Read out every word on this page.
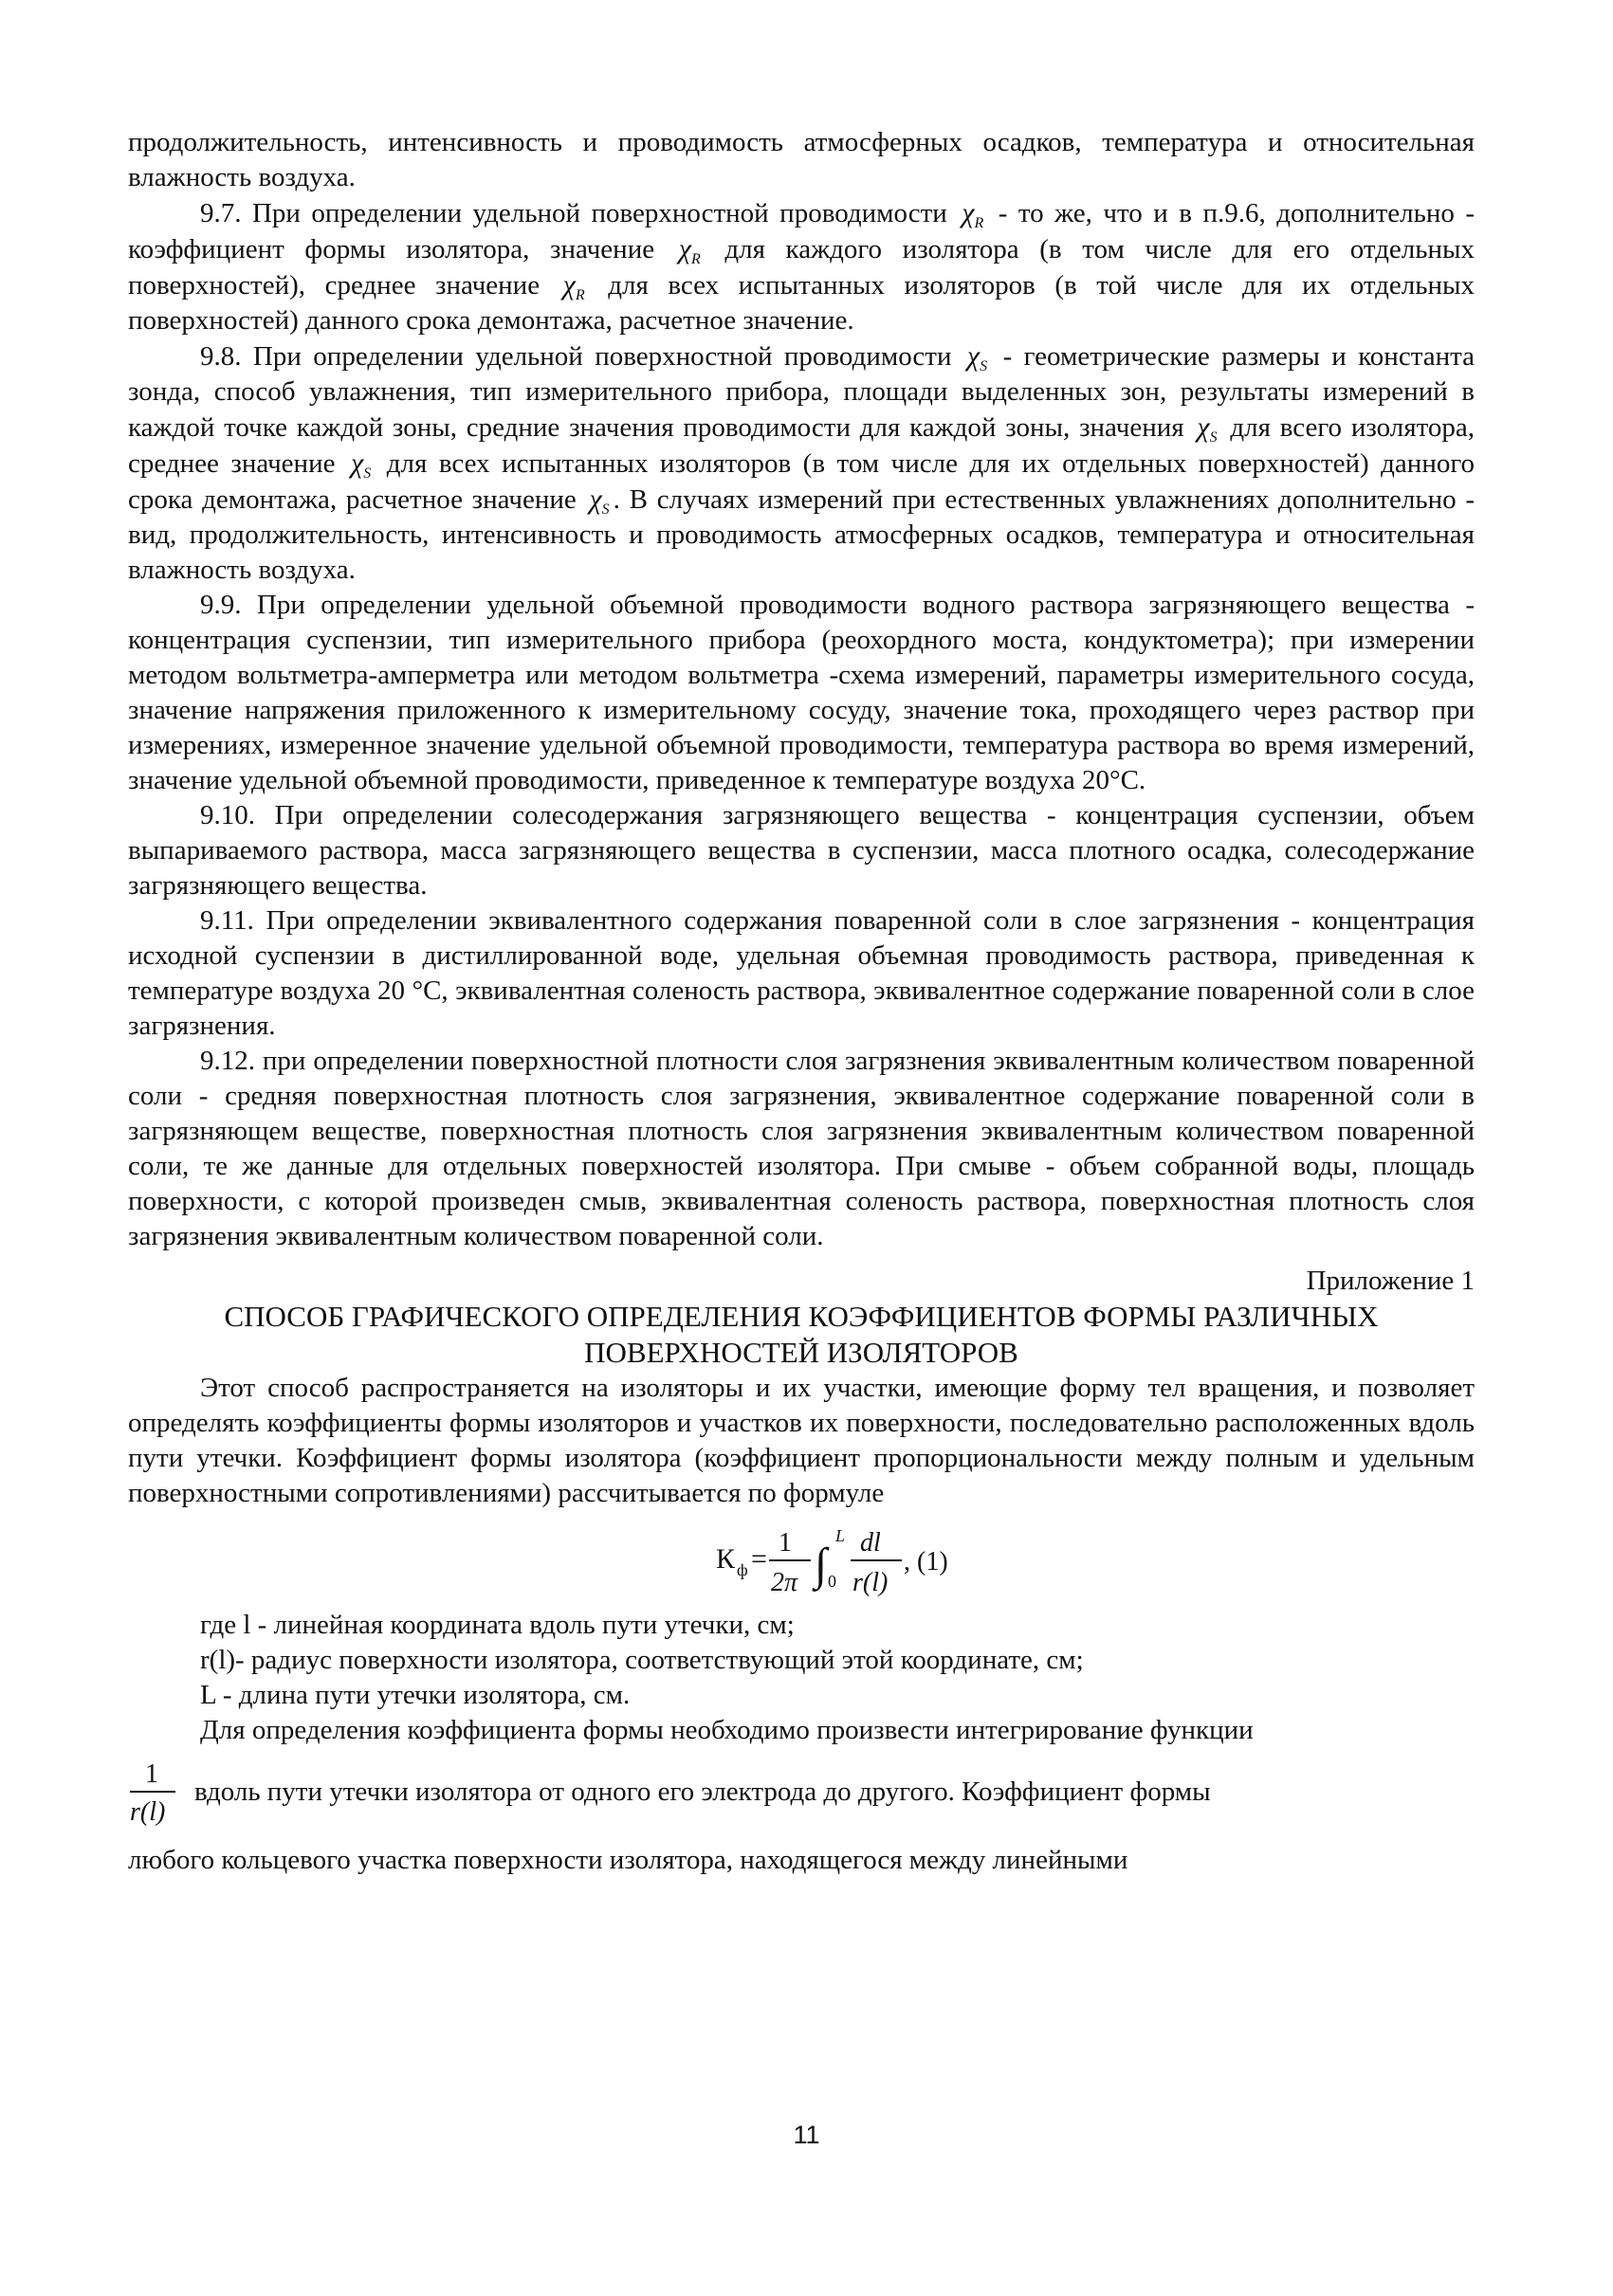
продолжительность, интенсивность и проводимость атмосферных осадков, температура и относительная влажность воздуха.

9.7. При определении удельной поверхностной проводимости $\chi_R$ - то же, что и в п.9.6, дополнительно - коэффициент формы изолятора, значение $\chi_R$ для каждого изолятора (в том числе для его отдельных поверхностей), среднее значение $\chi_R$ для всех испытанных изоляторов (в той числе для их отдельных поверхностей) данного срока демонтажа, расчетное значение.

9.8. При определении удельной поверхностной проводимости $\chi_S$ - геометрические размеры и константа зонда, способ увлажнения, тип измерительного прибора, площади выделенных зон, результаты измерений в каждой точке каждой зоны, средние значения проводимости для каждой зоны, значения $\chi_S$ для всего изолятора, среднее значение $\chi_S$ для всех испытанных изоляторов (в том числе для их отдельных поверхностей) данного срока демонтажа, расчетное значение $\chi_S$ . В случаях измерений при естественных увлажнениях дополнительно - вид, продолжительность, интенсивность и проводимость атмосферных осадков, температура и относительная влажность воздуха.

9.9. При определении удельной объемной проводимости водного раствора загрязняющего вещества - концентрация суспензии, тип измерительного прибора (реохордного моста, кондуктометра); при измерении методом вольтметра-амперметра или методом вольтметра -схема измерений, параметры измерительного сосуда, значение напряжения приложенного к измерительному сосуду, значение тока, проходящего через раствор при измерениях, измеренное значение удельной объемной проводимости, температура раствора во время измерений, значение удельной объемной проводимости, приведенное к температуре воздуха 20°С.

9.10. При определении солесодержания загрязняющего вещества - концентрация суспензии, объем выпариваемого раствора, масса загрязняющего вещества в суспензии, масса плотного осадка, солесодержание загрязняющего вещества.

9.11. При определении эквивалентного содержания поваренной соли в слое загрязнения - концентрация исходной суспензии в дистиллированной воде, удельная объемная проводимость раствора, приведенная к температуре воздуха 20 °С, эквивалентная соленость раствора, эквивалентное содержание поваренной соли в слое загрязнения.

9.12. при определении поверхностной плотности слоя загрязнения эквивалентным количеством поваренной соли - средняя поверхностная плотность слоя загрязнения, эквивалентное содержание поваренной соли в загрязняющем веществе, поверхностная плотность слоя загрязнения эквивалентным количеством поваренной соли, те же данные для отдельных поверхностей изолятора. При смыве - объем собранной воды, площадь поверхности, с которой произведен смыв, эквивалентная соленость раствора, поверхностная плотность слоя загрязнения эквивалентным количеством поваренной соли.

Приложение 1

СПОСОБ ГРАФИЧЕСКОГО ОПРЕДЕЛЕНИЯ КОЭФФИЦИЕНТОВ ФОРМЫ РАЗЛИЧНЫХ

ПОВЕРХНОСТЕЙ ИЗОЛЯТОРОВ

Этот способ распространяется на изоляторы и их участки, имеющие форму тел вращения, и позволяет определять коэффициенты формы изоляторов и участков их поверхности, последовательно расположенных вдоль пути утечки. Коэффициент формы изолятора (коэффициент пропорциональности между полным и удельным поверхностными сопротивлениями) рассчитывается по формуле

К ф =
1
2π ∫
L
0
dl
r(l)
, (1)

где l - линейная координата вдоль пути утечки, см;

r(l)- радиус поверхности изолятора, соответствующий этой координате, см;

L - длина пути утечки изолятора, см.

Для определения коэффициента формы необходимо произвести интегрирование функции

1
r(l)
вдоль пути утечки изолятора от одного его электрода до другого. Коэффициент формы

любого кольцевого участка поверхности изолятора, находящегося между линейными

11
